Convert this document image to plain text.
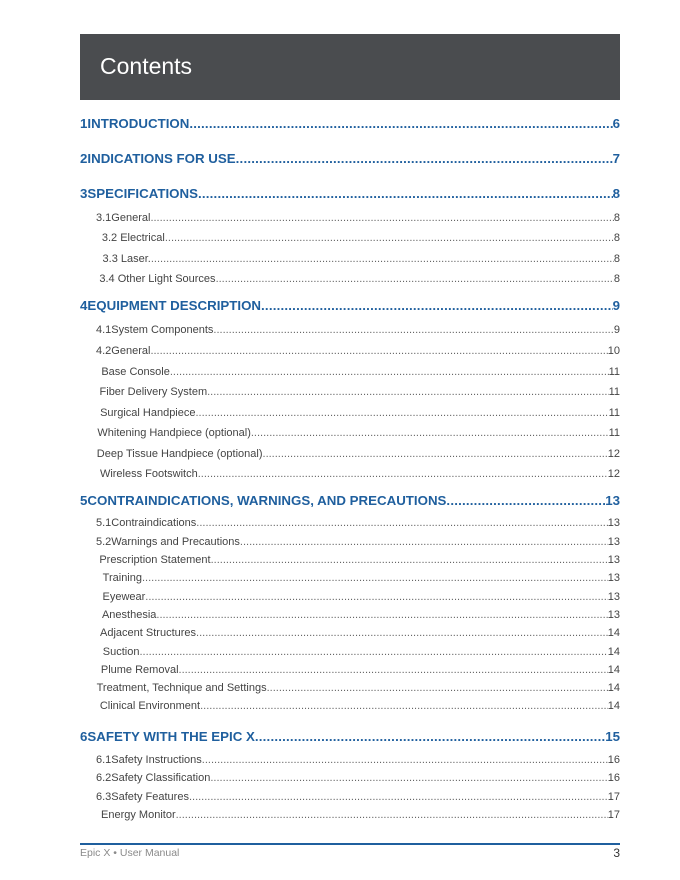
Contents
1 INTRODUCTION .....	6
2 INDICATIONS FOR USE .....	7
3 SPECIFICATIONS .....	8
3.1 General .....	8
3.2 Electrical .....	8
3.3 Laser. .....	8
3.4 Other Light Sources .....	8
4 EQUIPMENT DESCRIPTION .....	9
4.1 System Components .....	9
4.2 General .....	10
Base Console .....	11
Fiber Delivery System .....	11
Surgical Handpiece .....	11
Whitening Handpiece (optional) .....	11
Deep Tissue Handpiece (optional) .....	12
Wireless Footswitch .....	12
5 CONTRAINDICATIONS, WARNINGS, AND PRECAUTIONS .....	13
5.1 Contraindications .....	13
5.2 Warnings and Precautions .....	13
Prescription Statement .....	13
Training .....	13
Eyewear .....	13
Anesthesia .....	13
Adjacent Structures .....	14
Suction .....	14
Plume Removal .....	14
Treatment, Technique and Settings .....	14
Clinical Environment .....	14
6 SAFETY WITH THE EPIC X .....	15
6.1 Safety Instructions .....	16
6.2 Safety Classification .....	16
6.3 Safety Features .....	17
Energy Monitor .....	17
Epic X • User Manual	3
